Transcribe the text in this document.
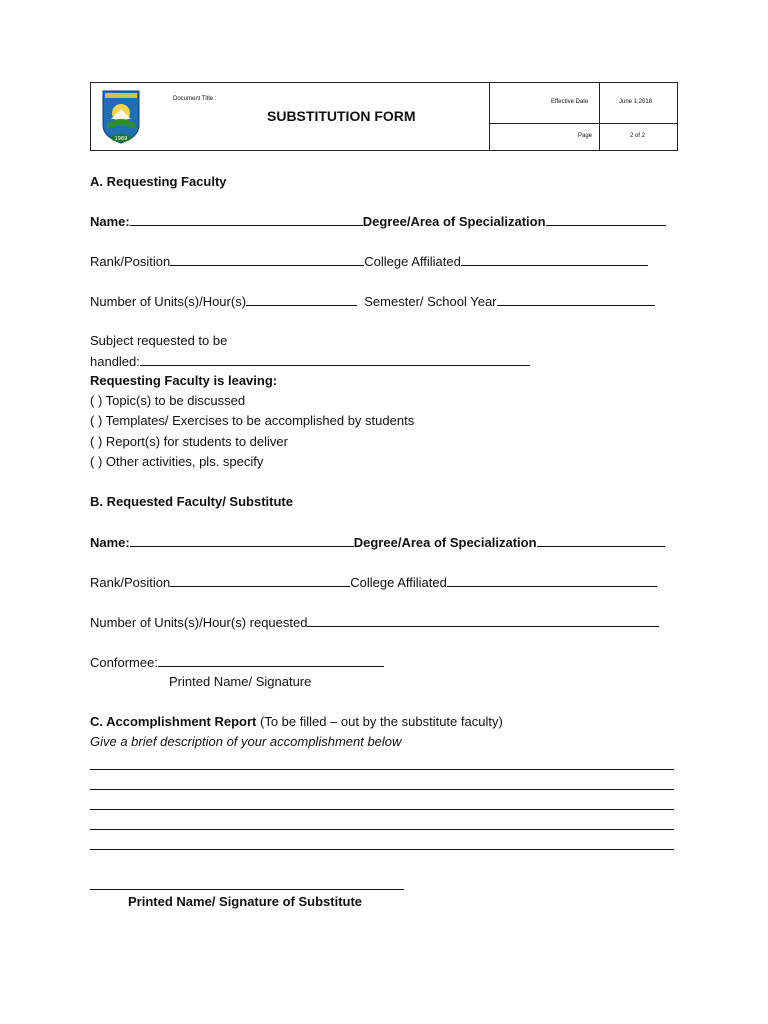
1969
Document Title :
SUBSTITUTION FORM
Effective Date	June 1,2018
Page	2 of 2
A. Requesting Faculty
Name:	Degree/Area of Specialization
Rank/Position	College Affiliated
Number of Units(s)/Hour(s)	Semester/ School Year
Subject requested to be
handled:
Requesting Faculty is leaving:
( ) Topic(s) to be discussed
( ) Templates/ Exercises to be accomplished by students
( ) Report(s) for students to deliver
( ) Other activities, pls. specify
B. Requested Faculty/ Substitute
Name:	Degree/Area of Specialization
Rank/Position	College Affiliated
Number of Units(s)/Hour(s) requested
Conformee:
Printed Name/ Signature
C. Accomplishment Report (To be filled – out by the substitute faculty)
Give a brief description of your accomplishment below
Printed Name/ Signature of Substitute
